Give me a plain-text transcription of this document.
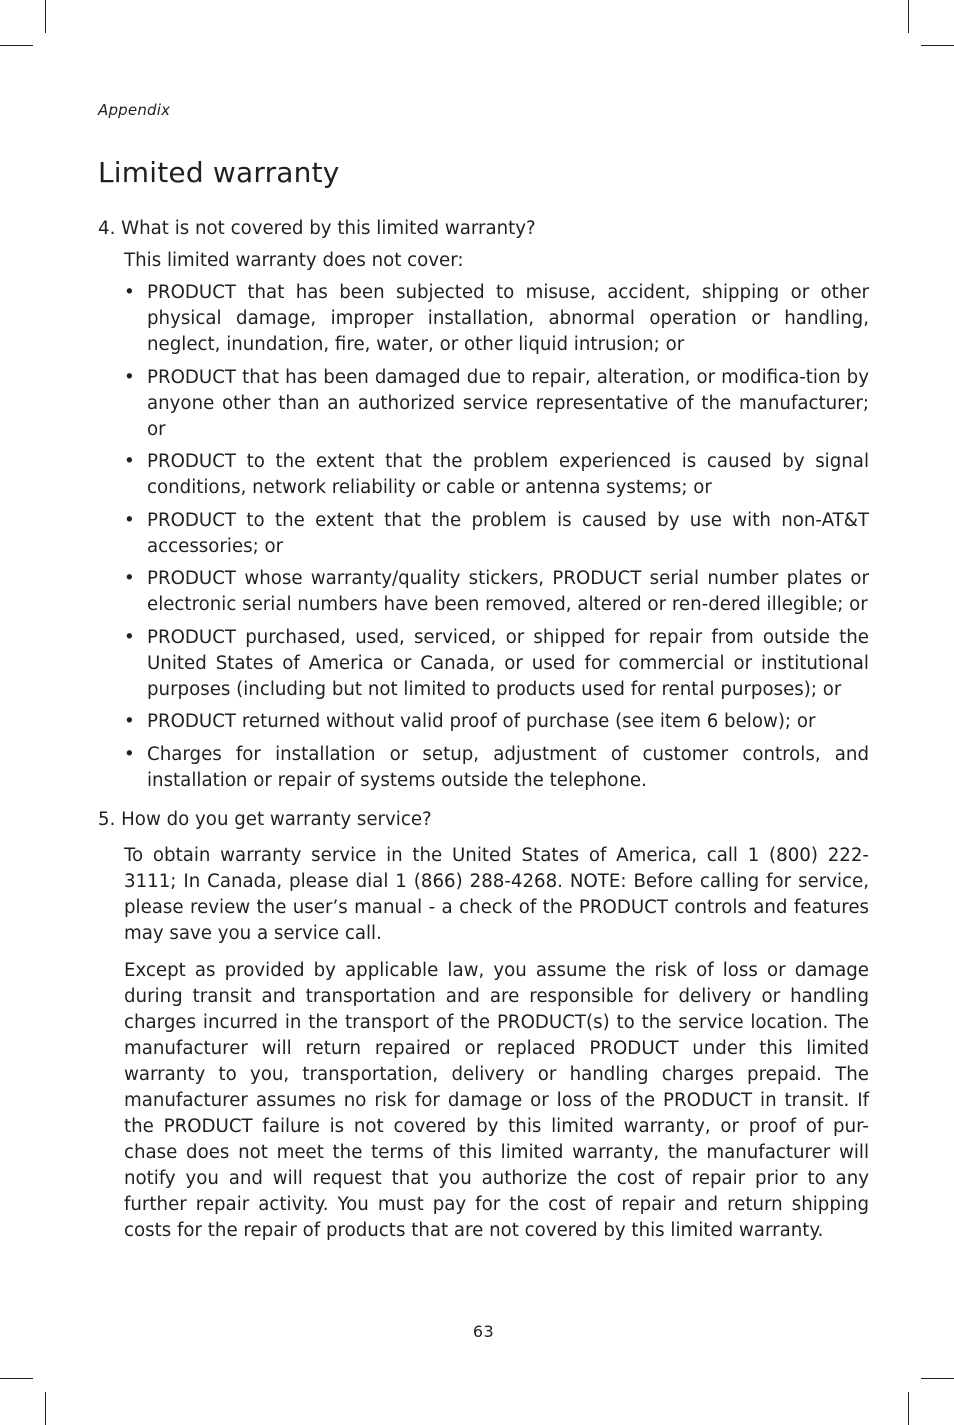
Appendix
Limited warranty

4. What is not covered by this limited warranty?

This limited warranty does not cover:
• PRODUCT that has been subjected to misuse, accident, shipping or other physical damage, improper installation, abnormal operation or handling, neglect, inundation, fire, water, or other liquid intrusion; or
• PRODUCT that has been damaged due to repair, alteration, or modifica-tion by anyone other than an authorized service representative of the manufacturer; or
• PRODUCT to the extent that the problem experienced is caused by signal conditions, network reliability or cable or antenna systems; or
• PRODUCT to the extent that the problem is caused by use with non-AT&T accessories; or
• PRODUCT whose warranty/quality stickers, PRODUCT serial number plates or electronic serial numbers have been removed, altered or ren-dered illegible; or
• PRODUCT purchased, used, serviced, or shipped for repair from outside the United States of America or Canada, or used for commercial or institutional purposes (including but not limited to products used for rental purposes); or
• PRODUCT returned without valid proof of purchase (see item 6 below); or
• Charges for installation or setup, adjustment of customer controls, and installation or repair of systems outside the telephone.

5. How do you get warranty service?

To obtain warranty service in the United States of America, call 1 (800) 222-3111; In Canada, please dial 1 (866) 288-4268. NOTE: Before calling for service, please review the user’s manual - a check of the PRODUCT controls and features may save you a service call.

Except as provided by applicable law, you assume the risk of loss or damage during transit and transportation and are responsible for delivery or handling charges incurred in the transport of the PRODUCT(s) to the service location. The manufacturer will return repaired or replaced PRODUCT under this limited warranty to you, transportation, delivery or handling charges prepaid. The manufacturer assumes no risk for damage or loss of the PRODUCT in transit. If the PRODUCT failure is not covered by this limited warranty, or proof of pur-chase does not meet the terms of this limited warranty, the manufacturer will notify you and will request that you authorize the cost of repair prior to any further repair activity. You must pay for the cost of repair and return shipping costs for the repair of products that are not covered by this limited warranty.

63
